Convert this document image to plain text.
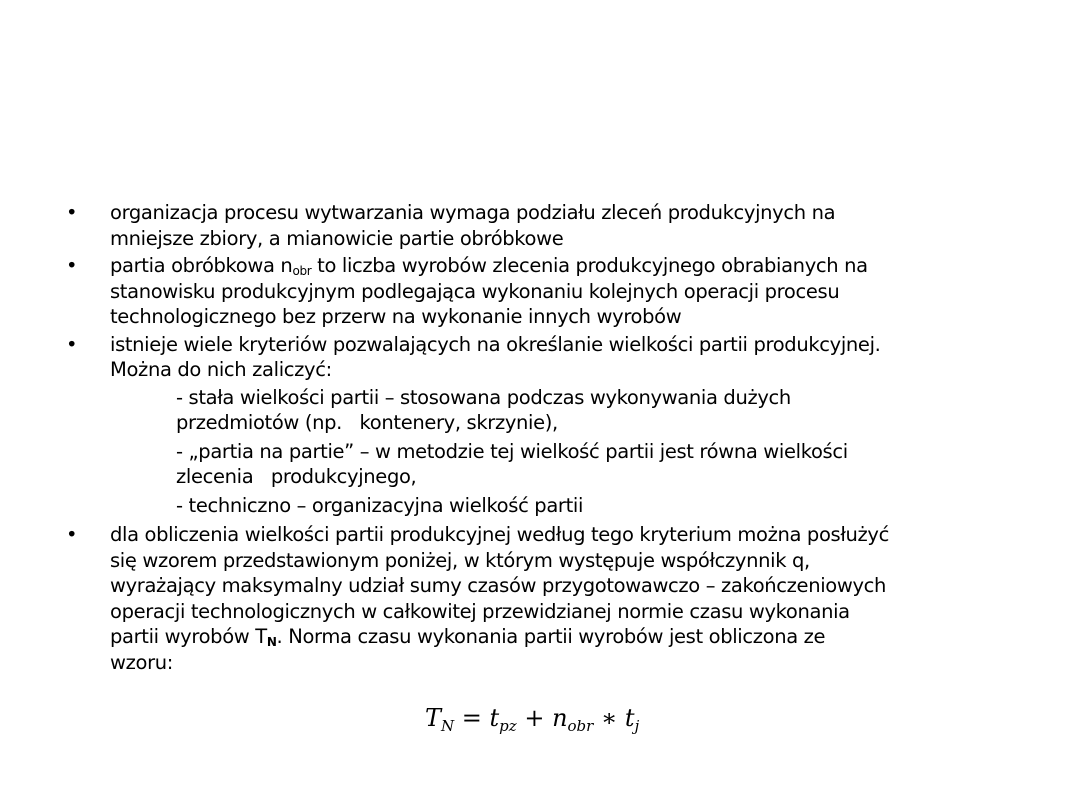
•	organizacja procesu wytwarzania wymaga podziału zleceń produkcyjnych na
mniejsze zbiory, a mianowicie partie obróbkowe
•	partia obróbkowa $n_{obr}$ to liczba wyrobów zlecenia produkcyjnego obrabianych na
stanowisku produkcyjnym podlegająca wykonaniu kolejnych operacji procesu
technologicznego bez przerw na wykonanie innych wyrobów
•	istnieje wiele kryteriów pozwalających na określanie wielkości partii produkcyjnej.
Można do nich zaliczyć:
- stała wielkości partii – stosowana podczas wykonywania dużych
przedmiotów (np.   kontenery, skrzynie),
- „partia na partie” – w metodzie tej wielkość partii jest równa wielkości
zlecenia   produkcyjnego,
- techniczno – organizacyjna wielkość partii
•	dla obliczenia wielkości partii produkcyjnej według tego kryterium można posłużyć
się wzorem przedstawionym poniżej, w którym występuje współczynnik q,
wyrażający maksymalny udział sumy czasów przygotowawczo – zakończeniowych
operacji technologicznych w całkowitej przewidzianej normie czasu wykonania
partii wyrobów $T_N$. Norma czasu wykonania partii wyrobów jest obliczona ze
wzoru:
$T_N = t_{pz} + n_{obr}$ ∗ $t_j$
